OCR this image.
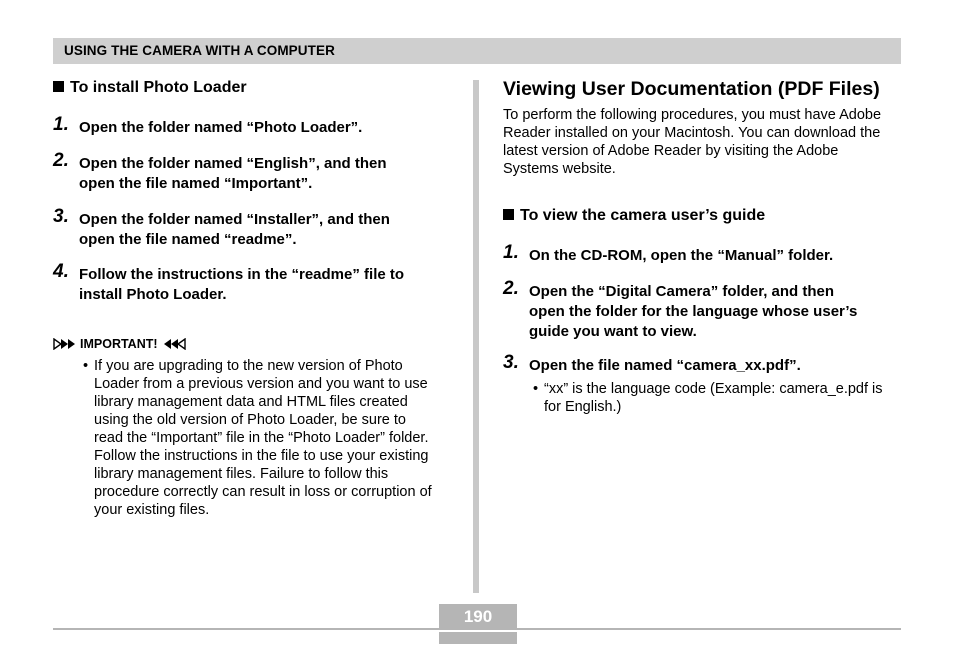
USING THE CAMERA WITH A COMPUTER
To install Photo Loader
1. Open the folder named “Photo Loader”.
2. Open the folder named “English”, and then
open the file named “Important”.
3. Open the folder named “Installer”, and then
open the file named “readme”.
4. Follow the instructions in the “readme” file to
install Photo Loader.
IMPORTANT!
• If you are upgrading to the new version of Photo
Loader from a previous version and you want to use
library management data and HTML files created
using the old version of Photo Loader, be sure to
read the “Important” file in the “Photo Loader” folder.
Follow the instructions in the file to use your existing
library management files. Failure to follow this
procedure correctly can result in loss or corruption of
your existing files.
Viewing User Documentation (PDF Files)
To perform the following procedures, you must have Adobe
Reader installed on your Macintosh. You can download the
latest version of Adobe Reader by visiting the Adobe
Systems website.
To view the camera user’s guide
1. On the CD-ROM, open the “Manual” folder.
2. Open the “Digital Camera” folder, and then
open the folder for the language whose user’s
guide you want to view.
3. Open the file named “camera_xx.pdf”.
• “xx” is the language code (Example: camera_e.pdf is
for English.)
190
